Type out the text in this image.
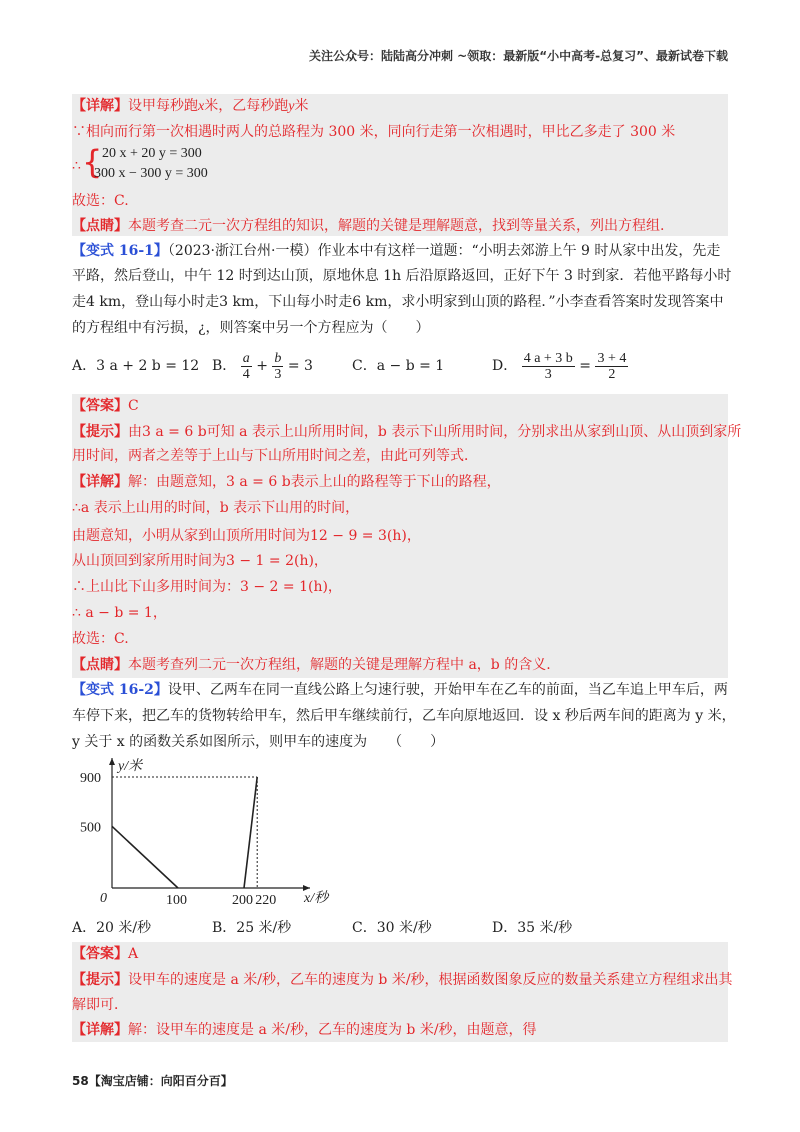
关注公众号：陆陆高分冲刺 ~领取：最新版“小中高考-总复习”、最新试卷下载
【详解】设甲每秒跑x米，乙每秒跑y米
∵相向而行第一次相遇时两人的总路程为 300 米，同向行走第一次相遇时，甲比乙多走了 300 米
∴ { 20 x + 20 y = 300
300 x − 300 y = 300
故选：C.
【点睛】本题考查二元一次方程组的知识，解题的关键是理解题意，找到等量关系，列出方程组.
【变式 16-1】（2023·浙江台州·一模）作业本中有这样一道题：“小明去郊游上午 9 时从家中出发，先走
平路，然后登山，中午 12 时到达山顶，原地休息 1h 后沿原路返回，正好下午 3 时到家．若他平路每小时
走4 km，登山每小时走3 km，下山每小时走6 km，求小明家到山顶的路程．”小李查看答案时发现答案中
的方程组中有污损，¿，则答案中另一个方程应为（　　）
A．3 a + 2 b = 12 B． $\frac{a}{4} + \frac{b}{3} = 3$	C．a − b = 1	D． $\frac{4 a + 3 b}{3} = \frac{3 + 4}{2}$
【答案】C
【提示】由3 a = 6 b可知 a 表示上山所用时间，b 表示下山所用时间，分别求出从家到山顶、从山顶到家所
用时间，两者之差等于上山与下山所用时间之差，由此可列等式．
【详解】解：由题意知，3 a = 6 b表示上山的路程等于下山的路程，
∴a 表示上山用的时间，b 表示下山用的时间，
由题意知，小明从家到山顶所用时间为12 − 9 = 3(h)，
从山顶回到家所用时间为3 − 1 = 2(h)，
∴上山比下山多用时间为：3 − 2 = 1(h)，
∴ a − b = 1，
故选：C.
【点睛】本题考查列二元一次方程组，解题的关键是理解方程中 a，b 的含义.
【变式 16-2】设甲、乙两车在同一直线公路上匀速行驶，开始甲车在乙车的前面，当乙车追上甲车后，两
车停下来，把乙车的货物转给甲车，然后甲车继续前行，乙车向原地返回．设 x 秒后两车间的距离为 y 米，
y 关于 x 的函数关系如图所示，则甲车的速度为　　（　　）
x/秒
y/米
0	100	200 220
500
900
A．20 米/秒	B．25 米/秒	C．30 米/秒	D．35 米/秒
【答案】A
【提示】设甲车的速度是 a 米/秒，乙车的速度为 b 米/秒，根据函数图象反应的数量关系建立方程组求出其
解即可．
【详解】解：设甲车的速度是 a 米/秒，乙车的速度为 b 米/秒，由题意，得
58【淘宝店铺：向阳百分百】
